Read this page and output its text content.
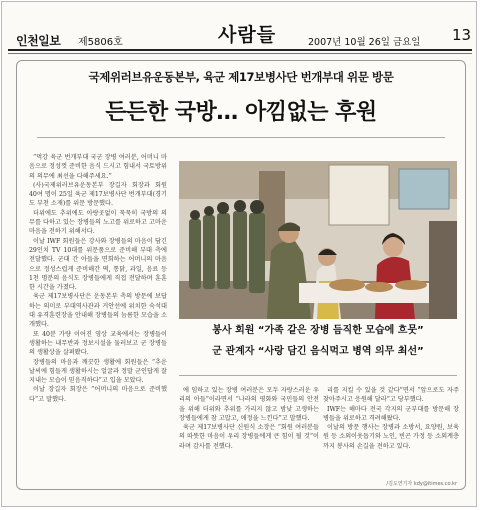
인천일보 제5806호	사람들	2007년 10월 26일 금요일 13
국제위러브유운동본부, 육군 제17보병사단 번개부대 위문 방문
든든한 국방… 아낌없는 후원

“먹강 육군 번개부대 국군 장병 여러분, 어머니 마음으로 정성껏 준비한 음식 드시고 힘내서 국토방위의 의무에 최선을 다해주세요.”

(사)국제위러브유운동본부 장길자 회장과 회원 40여 명이 25일 육군 제17보병사단 번개부대(경기도 부천 소재)를 위문 방문했다.

더위에도 추위에도 아랑곳없이 묵묵히 국방의 의무를 다하고 있는 장병들의 노고를 위로하고 고마운 마음을 전하기 위해서다.

이날 IWF 회원들은 강사와 장병들의 마음이 담긴 29인치 TV 10대를 위문품으로 준비해 부대 측에 전달했다. 군대 간 아들을 면회하는 어머니의 마음으로 정성스럽게 준비해간 떡, 통닭, 과일, 음료 등 1천 명분의 음식도 장병들에게 직접 전달하며 훈훈한 시간을 가졌다.

육군 제17보병사단은 운동본부 측의 방문에 보답하는 의미로 부대역사관과 거안선에 위치한 숙석대대 유격훈련장을 안내해 장병들의 늠름한 모습을 소개했다.

또 40분 가량 이어진 영상 교육에서는 장병들이 생활하는 내무반과 정보시설을 둘러보고 군 장병들의 생활상을 살펴봤다.

장병들의 마음과 깨끗한 생활에 회원들은 “추운 날씨에 힘들게 생활하시는 얼굴과 정말 군인답게 잘 지내는 모습이 믿음직하다”고 입을 모았다.

이날 장길자 회장은 “어머니의 마음으로 준비했다”고 말했다.

봉사 회원 “가족 같은 장병 듬직한 모습에 흐뭇”
군 관계자 “사랑 담긴 음식먹고 병역 의무 최선”

에 임하고 있는 장병 여러분은 모두 자랑스러운 우리의 아들”이라면서 “나라의 평화와 국민들의 안전을 위해 더위와 추위를 가리지 않고 밤낮 고생하는 장병들에게 참 고맙고, 애정을 느낀다”고 말했다.

육군 제17보병사단 신원식 소장은 “회원 여러분들의 따뜻한 마음이 우리 장병들에게 큰 힘이 될 것”이라며 감사를 전했다.

리를 지킬 수 있을 것 같다”면서 “앞으로도 자주 찾아주시고 응원해 달라”고 당부했다.

IWF는 해마다 전국 각지의 군부대를 방문해 장병들을 위로하고 격려해왔다.

이날의 방문 행사는 장병과 소방서, 요양원, 보육원 등 소외이웃돕기와 노인, 빈곤 가정 등 소외계층까지 봉사의 손길을 전하고 있다.

/김도연기자 kdy@itimes.co.kr
